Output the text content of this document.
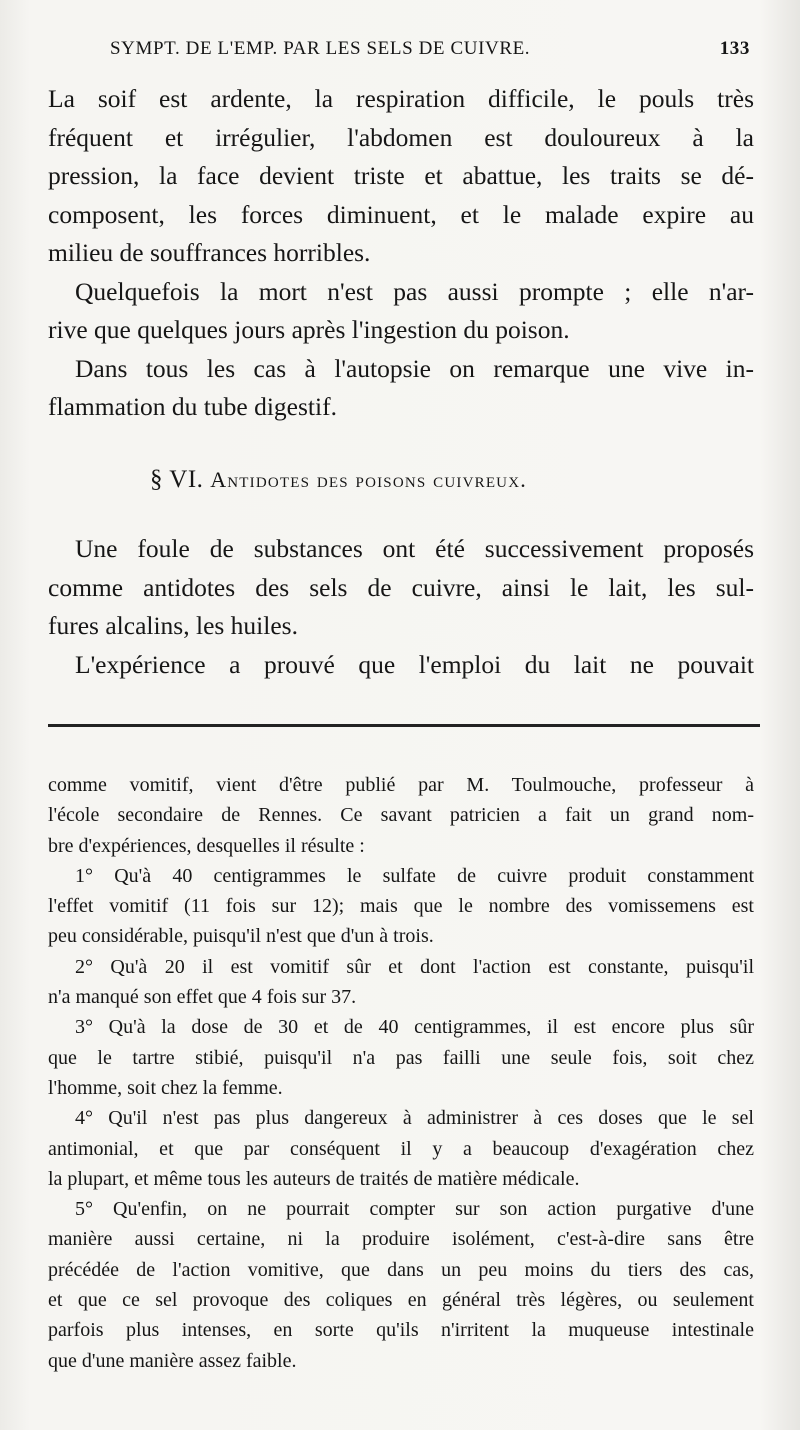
SYMPT. DE L'EMP. PAR LES SELS DE CUIVRE.	133

La soif est ardente, la respiration difficile, le pouls très
fréquent et irrégulier, l'abdomen est douloureux à la
pression, la face devient triste et abattue, les traits se dé-
composent, les forces diminuent, et le malade expire au
milieu de souffrances horribles.

Quelquefois la mort n'est pas aussi prompte ; elle n'ar-
rive que quelques jours après l'ingestion du poison.

Dans tous les cas à l'autopsie on remarque une vive in-
flammation du tube digestif.

§ VI. Antidotes des poisons cuivreux.

Une foule de substances ont été successivement proposés
comme antidotes des sels de cuivre, ainsi le lait, les sul-
fures alcalins, les huiles.

L'expérience a prouvé que l'emploi du lait ne pouvait

comme vomitif, vient d'être publié par M. Toulmouche, professeur à
l'école secondaire de Rennes. Ce savant patricien a fait un grand nom-
bre d'expériences, desquelles il résulte :
1° Qu'à 40 centigrammes le sulfate de cuivre produit constamment
l'effet vomitif (11 fois sur 12); mais que le nombre des vomissemens est
peu considérable, puisqu'il n'est que d'un à trois.
2° Qu'à 20 il est vomitif sûr et dont l'action est constante, puisqu'il
n'a manqué son effet que 4 fois sur 37.
3° Qu'à la dose de 30 et de 40 centigrammes, il est encore plus sûr
que le tartre stibié, puisqu'il n'a pas failli une seule fois, soit chez
l'homme, soit chez la femme.
4° Qu'il n'est pas plus dangereux à administrer à ces doses que le sel
antimonial, et que par conséquent il y a beaucoup d'exagération chez
la plupart, et même tous les auteurs de traités de matière médicale.
5° Qu'enfin, on ne pourrait compter sur son action purgative d'une
manière aussi certaine, ni la produire isolément, c'est-à-dire sans être
précédée de l'action vomitive, que dans un peu moins du tiers des cas,
et que ce sel provoque des coliques en général très légères, ou seulement
parfois plus intenses, en sorte qu'ils n'irritent la muqueuse intestinale
que d'une manière assez faible.
